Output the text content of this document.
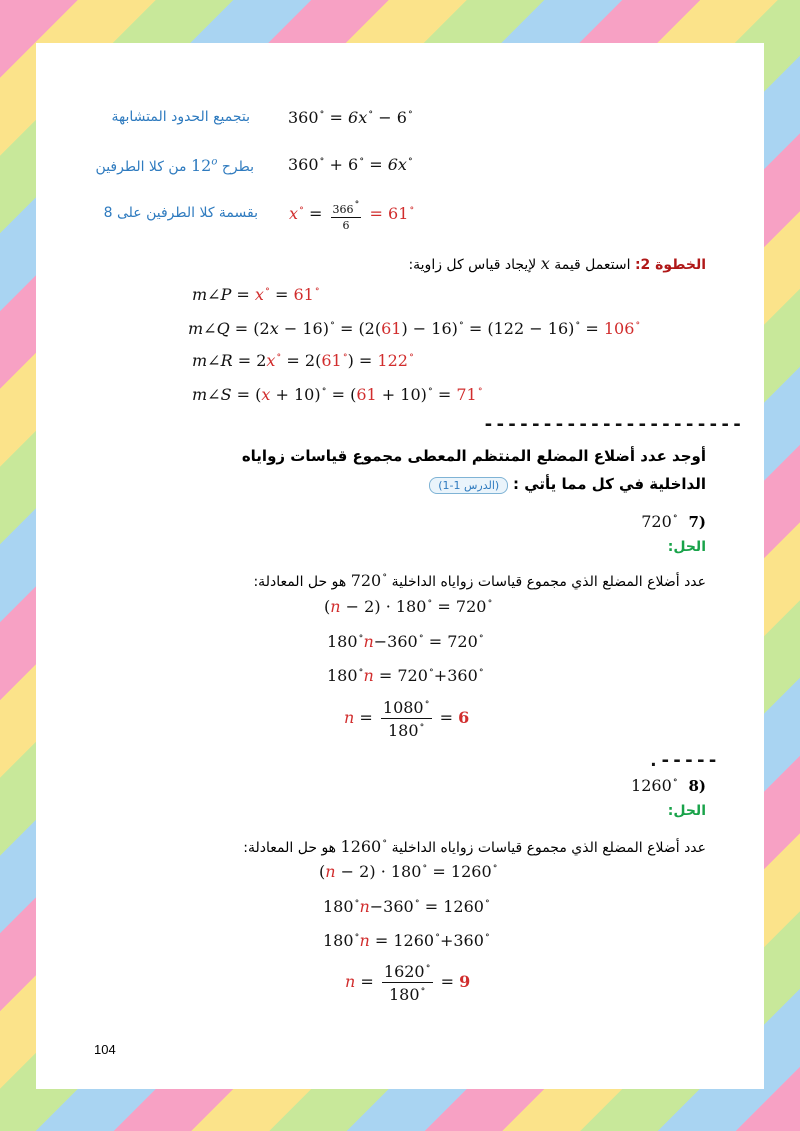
بتجميع الحدود المتشابهة 360∘ = 6x∘ − 6∘
بطرح 12$^o$ من كلا الطرفين	360∘ + 6∘ = 6x∘
بقسمة كلا الطرفين على 8 $x^\circ = \frac{366\circ}{6} = 61^\circ$
الخطوة 2: استعمل قيمة x لإيجاد قياس كل زاوية:
m∠P = x∘ = 61∘
m∠Q = (2x − 16)∘ = (2(61) − 16)∘ = (122 − 16)∘ = 106∘
m∠R = 2x∘ = 2(61∘) = 122∘
m∠S = (x + 10)∘ = (61 + 10)∘ = 71∘
----------------------
أوجد عدد أضلاع المضلع المنتظم المعطى مجموع قياسات زواياه
الداخلية في كل مما يأتي : (الدرس 1-1)
720∘ 7)
الحل:
عدد أضلاع المضلع الذي مجموع قياسات زواياه الداخلية 720∘ هو حل المعادلة:
(n − 2) · 180∘ = 720∘
180∘n−360∘ = 720∘
180∘n = 720∘+360∘
$n = \frac{1080^\circ}{180^\circ} = 6$
.-----
1260∘ 8)
الحل:
عدد أضلاع المضلع الذي مجموع قياسات زواياه الداخلية 1260∘ هو حل المعادلة:
(n − 2) · 180∘ = 1260∘
180∘n−360∘ = 1260∘
180∘n = 1260∘+360∘
$n = \frac{1620^\circ}{180^\circ} = 9$
104
